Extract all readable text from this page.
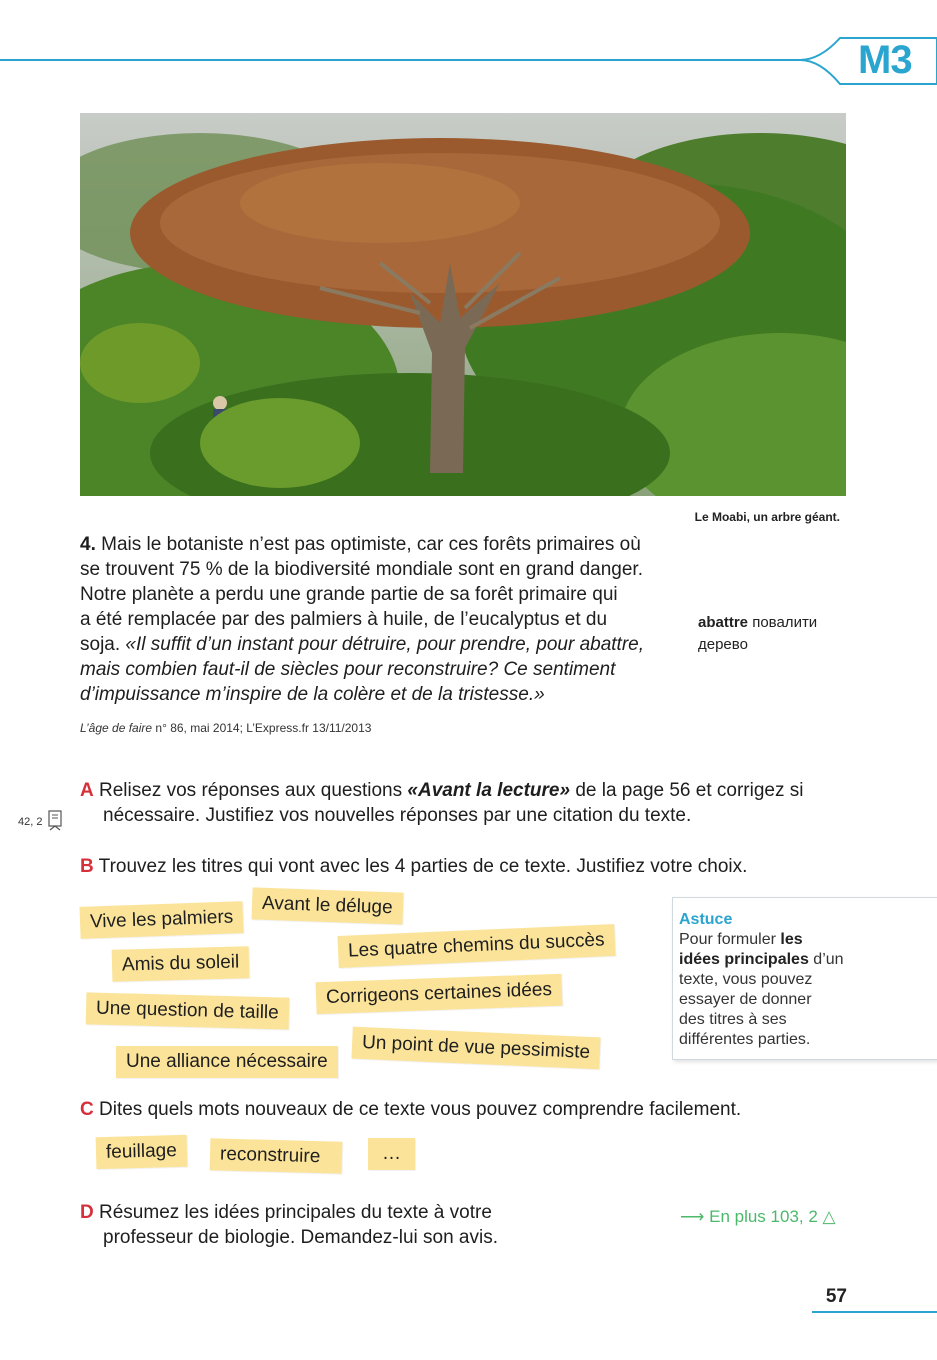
M3
Le Moabi, un arbre géant.
4. Mais le botaniste n’est pas optimiste, car ces forêts primaires où
se trouvent 75 % de la biodiversité mondiale sont en grand danger.
Notre planète a perdu une grande partie de sa forêt primaire qui
a été remplacée par des palmiers à huile, de l’eucalyptus et du
soja. «Il suffit d’un instant pour détruire, pour prendre, pour abattre,
mais combien faut-il de siècles pour reconstruire? Ce sentiment
d’impuissance m’inspire de la colère et de la tristesse.»
abattre повалити
дерево
L’âge de faire n° 86, mai 2014; L’Express.fr 13/11/2013
42, 2
A Relisez vos réponses aux questions «Avant la lecture» de la page 56 et corrigez si
nécessaire. Justifiez vos nouvelles réponses par une citation du texte.
B Trouvez les titres qui vont avec les 4 parties de ce texte. Justifiez votre choix.
Avant le déluge
Vive les palmiers
Les quatre chemins du succès
Amis du soleil
Corrigeons certaines idées
Une question de taille
Un point de vue pessimiste
Une alliance nécessaire
Astuce
Pour formuler les
idées principales d’un
texte, vous pouvez
essayer de donner
des titres à ses
différentes parties.
C Dites quels mots nouveaux de ce texte vous pouvez comprendre facilement.
feuillage	reconstruire	…
D Résumez les idées principales du texte à votre
professeur de biologie. Demandez-lui son avis.
⟶ En plus 103, 2 △
57
